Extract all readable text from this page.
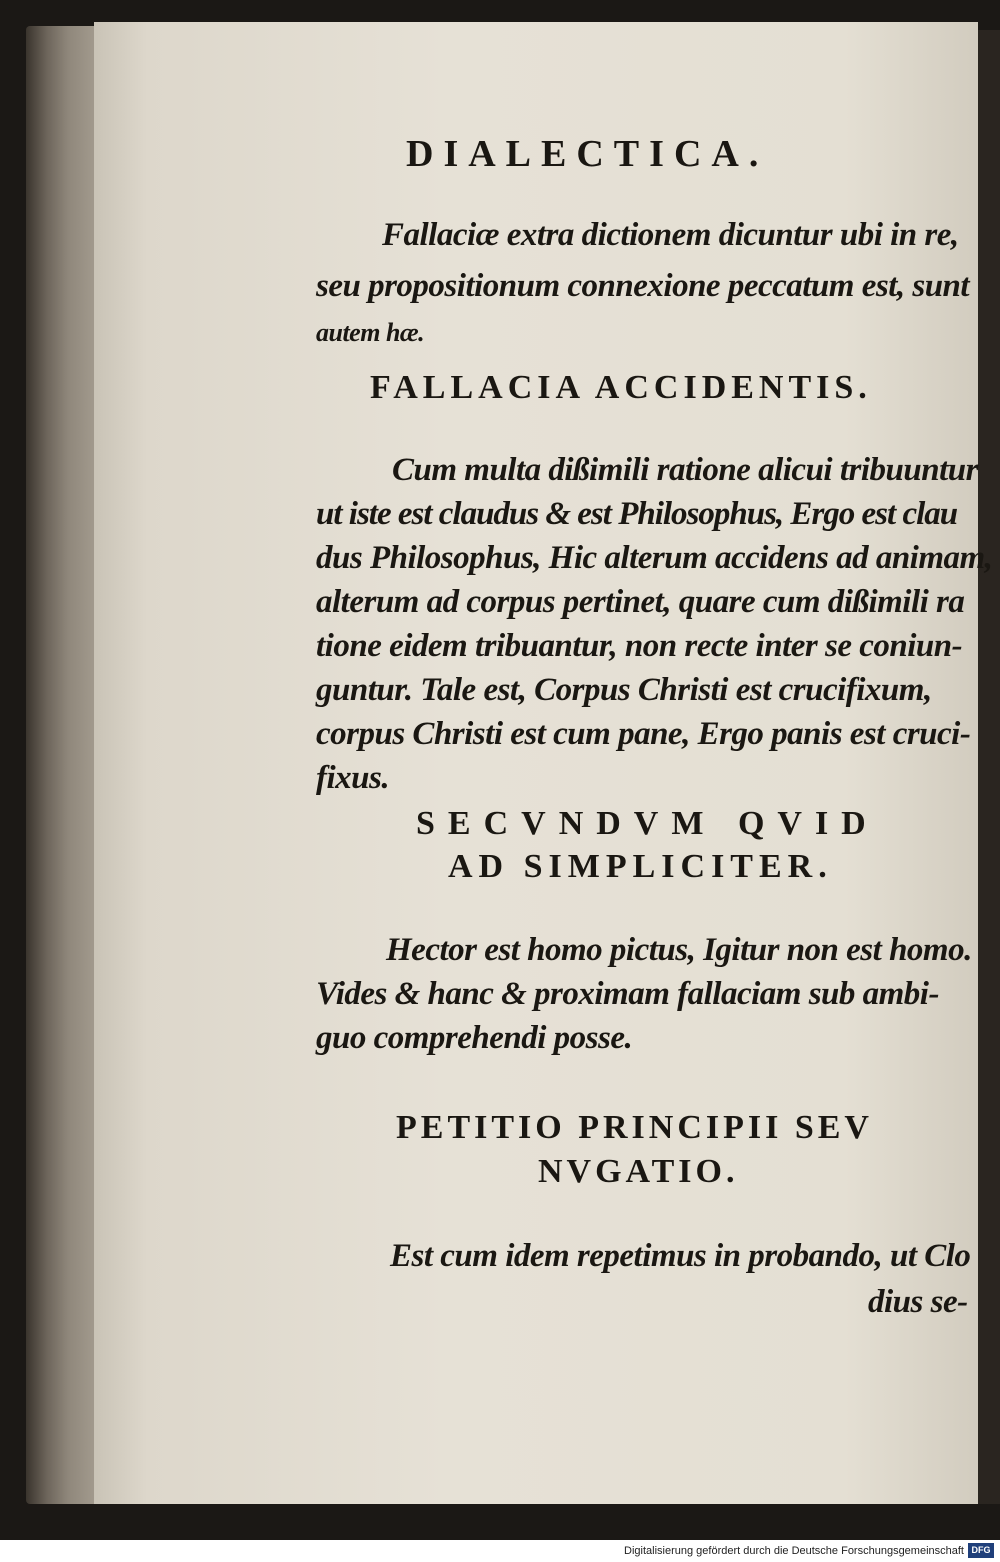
DIALECTICA.
Fallaciæ extra dictionem dicuntur ubi in re,
seu propositionum connexione peccatum est, sunt
autem hæ.
FALLACIA ACCIDENTIS.
Cum multa dißimili ratione alicui tribuuntur
ut iste est claudus & est Philosophus, Ergo est clau
dus Philosophus, Hic alterum accidens ad animam,
alterum ad corpus pertinet, quare cum dißimili ra
tione eidem tribuantur, non recte inter se coniun-
guntur. Tale est, Corpus Christi est crucifixum,
corpus Christi est cum pane, Ergo panis est cruci-
fixus.
SECVNDVM QVID
AD SIMPLICITER.
Hector est homo pictus, Igitur non est homo.
Vides & hanc & proximam fallaciam sub ambi-
guo comprehendi posse.
PETITIO PRINCIPII SEV
NVGATIO.
Est cum idem repetimus in probando, ut Clo
dius se-
Digitalisierung gefördert durch die Deutsche Forschungsgemeinschaft DFG
